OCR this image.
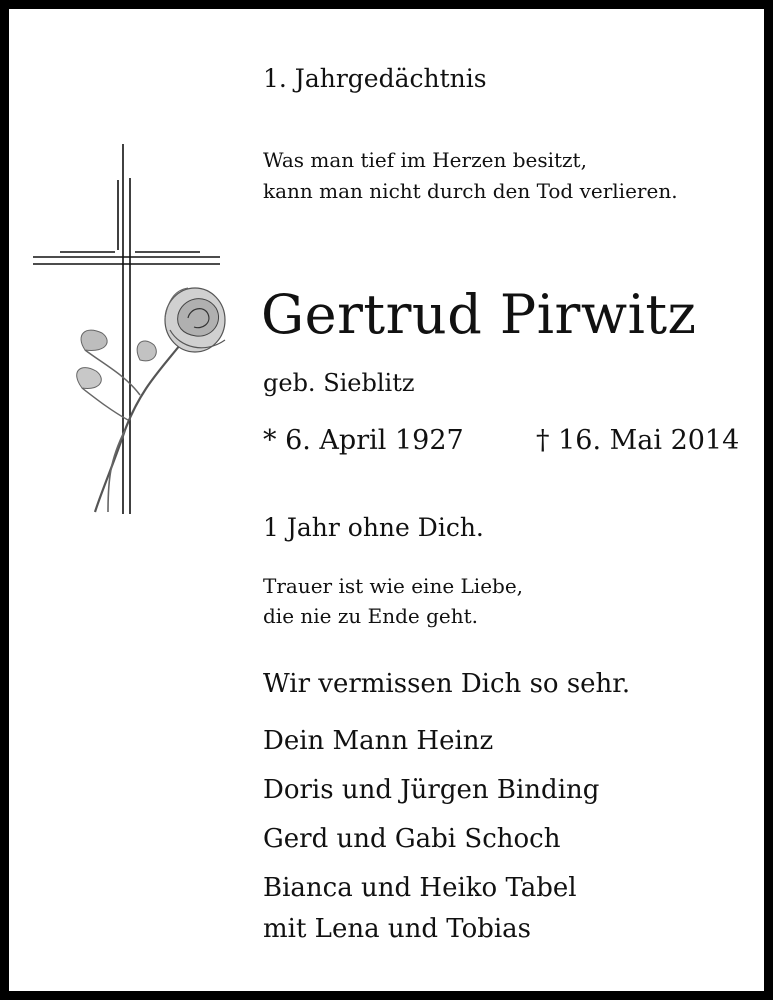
1. Jahrgedächtnis
Was man tief im Herzen besitzt,
kann man nicht durch den Tod verlieren.
Gertrud Pirwitz
geb. Sieblitz
* 6. April 1927	† 16. Mai 2014
1 Jahr ohne Dich.
Trauer ist wie eine Liebe,
die nie zu Ende geht.
Wir vermissen Dich so sehr.
Dein Mann Heinz
Doris und Jürgen Binding
Gerd und Gabi Schoch
Bianca und Heiko Tabel
mit Lena und Tobias
